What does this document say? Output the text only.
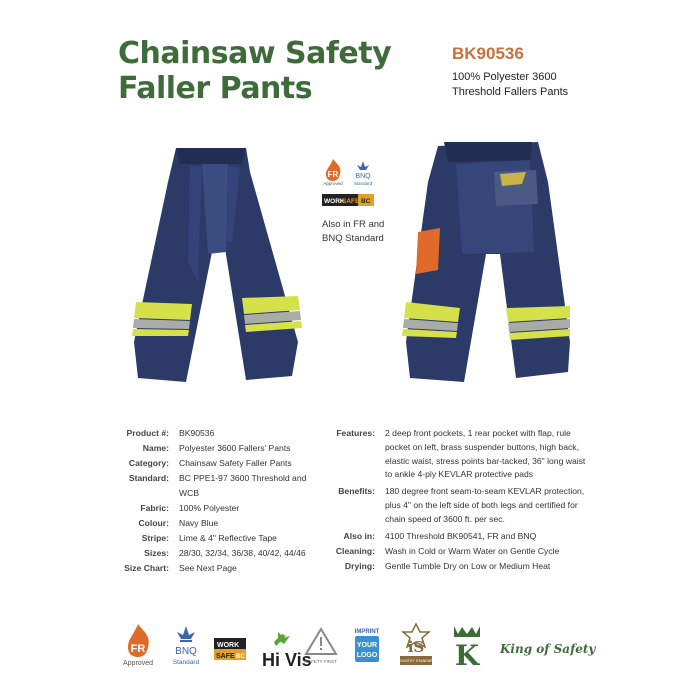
Chainsaw Safety
Faller Pants
BK90536
100% Polyester 3600 Threshold Fallers Pants
FR
Approved
BNQ
Standard
WORK
SAFE BC
Also in FR and BNQ Standard
Product #: BK90536
Name: Polyester 3600 Fallers' Pants
Category: Chainsaw Safety Faller Pants
Standard: BC PPE1-97 3600 Threshold and WCB
Fabric: 100% Polyester
Colour: Navy Blue
Stripe: Lime & 4" Reflective Tape
Sizes: 28/30, 32/34, 36/38, 40/42, 44/46
Size Chart: See Next Page
Features: 2 deep front pockets, 1 rear pocket with flap, rule pocket on left, brass suspender buttons, high back, elastic waist, stress points bar-tacked, 36" long waist to ankle 4-ply KEVLAR protective pads
Benefits: 180 degree front seam-to-seam KEVLAR protection, plus 4" on the left side of both legs and certified for chain speed of 3600 ft. per sec.
Also in: 4100 Threshold BK90541, FR and BNQ
Cleaning: Wash in Cold or Warm Water on Gentle Cycle
Drying: Gentle Tumble Dry on Low or Medium Heat
FR
Approved
BNQ
Standard
WORK
SAFE BC Hi Vis
SAFETY FIRST
IMPRINT
YOUR
LOGO iS
INDUSTRY STANDARD K King of Safety
